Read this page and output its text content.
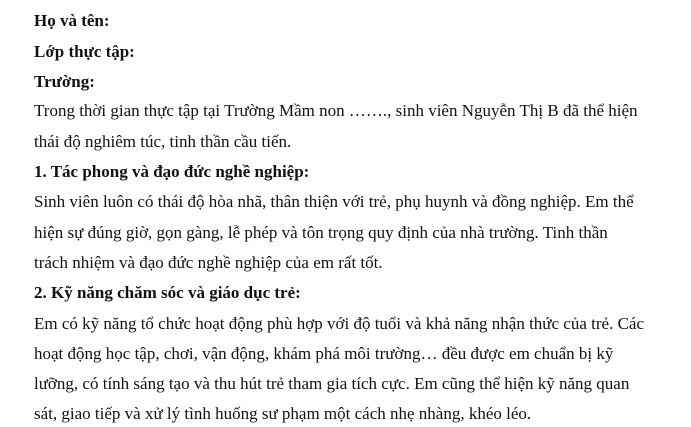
Họ và tên:
Lớp thực tập:
Trường:
Trong thời gian thực tập tại Trường Mầm non ……., sinh viên Nguyễn Thị B đã thể hiện
thái độ nghiêm túc, tinh thần cầu tiến.
1. Tác phong và đạo đức nghề nghiệp:
Sinh viên luôn có thái độ hòa nhã, thân thiện với trẻ, phụ huynh và đồng nghiệp. Em thể
hiện sự đúng giờ, gọn gàng, lễ phép và tôn trọng quy định của nhà trường. Tinh thần
trách nhiệm và đạo đức nghề nghiệp của em rất tốt.
2. Kỹ năng chăm sóc và giáo dục trẻ:
Em có kỹ năng tổ chức hoạt động phù hợp với độ tuổi và khả năng nhận thức của trẻ. Các
hoạt động học tập, chơi, vận động, khám phá môi trường… đều được em chuẩn bị kỹ
lưỡng, có tính sáng tạo và thu hút trẻ tham gia tích cực. Em cũng thể hiện kỹ năng quan
sát, giao tiếp và xử lý tình huống sư phạm một cách nhẹ nhàng, khéo léo.
